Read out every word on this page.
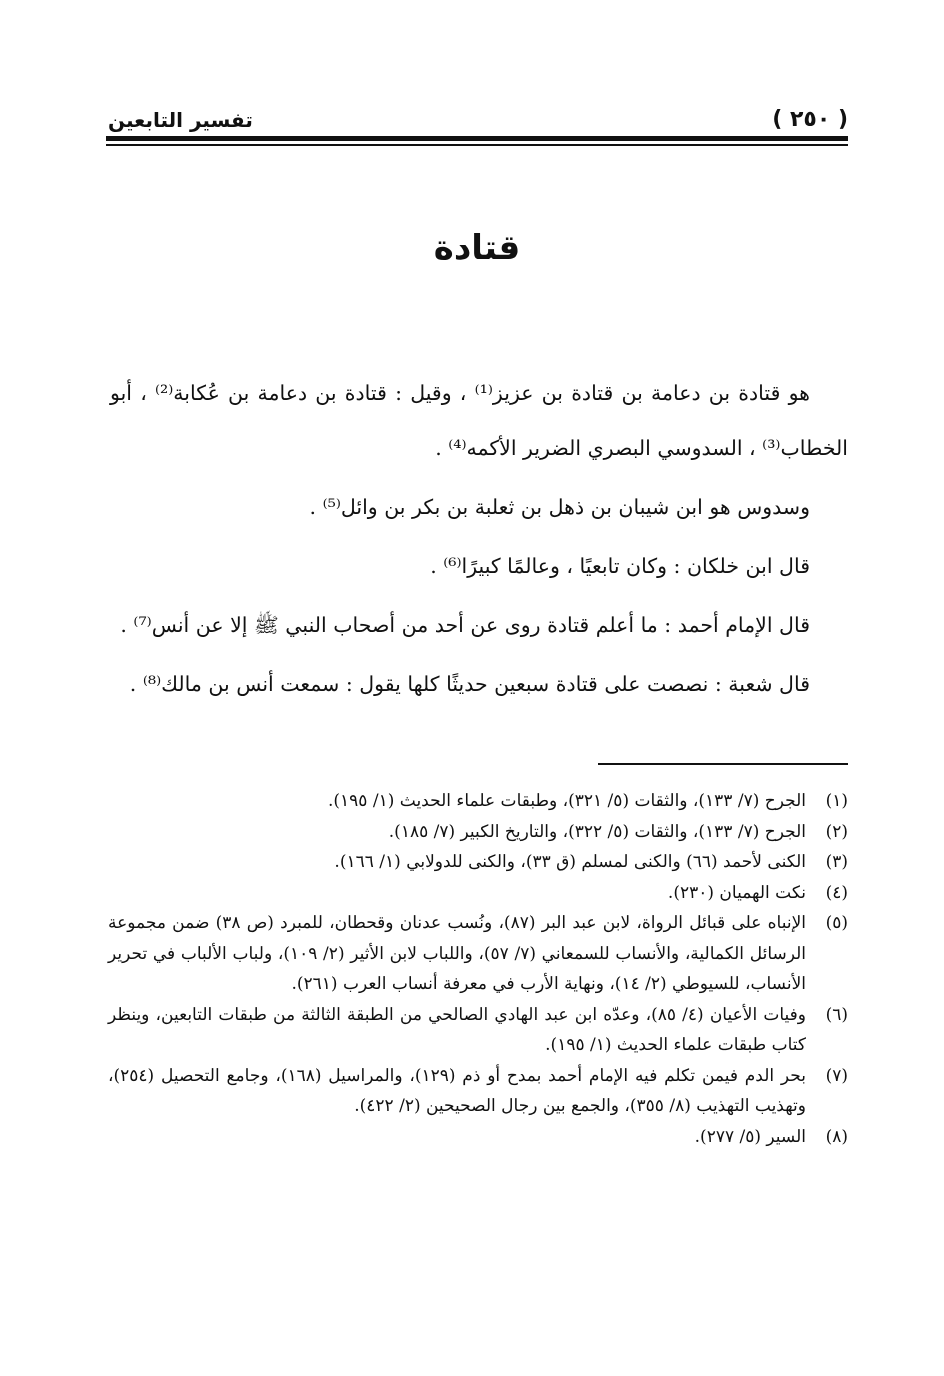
تفسير التابعين	( ٢٥٠ )
قتادة

هو قتادة بن دعامة بن قتادة بن عزيز⁽¹⁾ ، وقيل : قتادة بن دعامة بن عُكابة⁽²⁾ ، أبو الخطاب⁽³⁾ ، السدوسي البصري الضرير الأكمه⁽⁴⁾ .

وسدوس هو ابن شيبان بن ذهل بن ثعلبة بن بكر بن وائل⁽⁵⁾ .

قال ابن خلكان : وكان تابعيًا ، وعالمًا كبيرًا⁽⁶⁾ .

قال الإمام أحمد : ما أعلم قتادة روى عن أحد من أصحاب النبي ﷺ إلا عن أنس⁽⁷⁾ .

قال شعبة : نصصت على قتادة سبعين حديثًا كلها يقول : سمعت أنس بن مالك⁽⁸⁾ .

(١)
الجرح (٧/ ١٣٣)، والثقات (٥/ ٣٢١)، وطبقات علماء الحديث (١/ ١٩٥).
(٢)
الجرح (٧/ ١٣٣)، والثقات (٥/ ٣٢٢)، والتاريخ الكبير (٧/ ١٨٥).
(٣)
الكنى لأحمد (٦٦) والكنى لمسلم (ق ٣٣)، والكنى للدولابي (١/ ١٦٦).
(٤)
نكت الهميان (٢٣٠).
(٥)
الإنباه على قبائل الرواة، لابن عبد البر (٨٧)، ونُسب عدنان وقحطان، للمبرد (ص ٣٨) ضمن مجموعة الرسائل الكمالية، والأنساب للسمعاني (٧/ ٥٧)، واللباب لابن الأثير (٢/ ١٠٩)، ولباب الألباب في تحرير الأنساب، للسيوطي (٢/ ١٤)، ونهاية الأرب في معرفة أنساب العرب (٢٦١).
(٦)
وفيات الأعيان (٤/ ٨٥)، وعدّه ابن عبد الهادي الصالحي من الطبقة الثالثة من طبقات التابعين، وينظر كتاب طبقات علماء الحديث (١/ ١٩٥).
(٧)
بحر الدم فيمن تكلم فيه الإمام أحمد بمدح أو ذم (١٢٩)، والمراسيل (١٦٨)، وجامع التحصيل (٢٥٤)، وتهذيب التهذيب (٨/ ٣٥٥)، والجمع بين رجال الصحيحين (٢/ ٤٢٢).
(٨)
السير (٥/ ٢٧٧).
